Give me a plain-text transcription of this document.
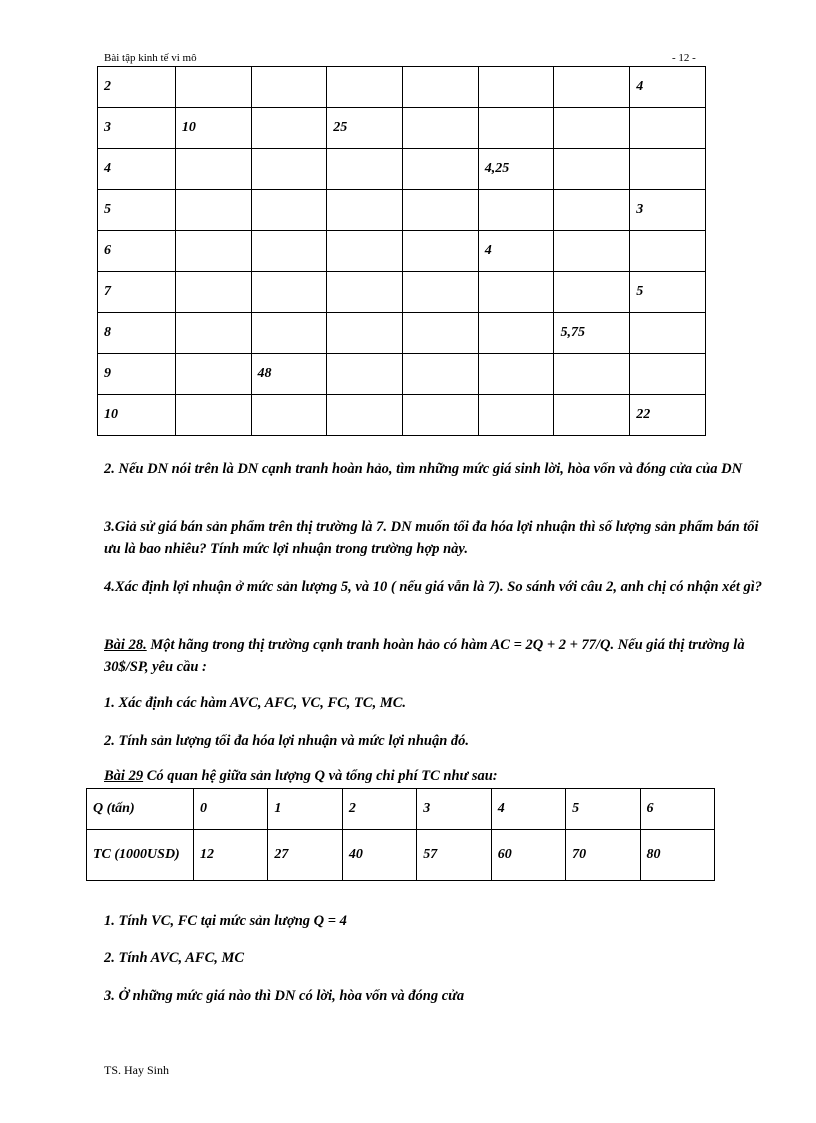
Bài tập kinh tế vi mô	- 12 -
2							4
3	10		25				
4					4,25		
5							3
6					4		
7							5
8						5,75	
9		48					
10							22

2. Nếu DN nói trên là DN cạnh tranh hoàn hảo, tìm những mức giá sinh lời, hòa vốn và đóng cửa của DN

3.Giả sử giá bán sản phẩm trên thị trường là 7. DN muốn tối đa hóa lợi nhuận thì số lượng sản phẩm bán tối ưu là bao nhiêu? Tính mức lợi nhuận trong trường hợp này.

4.Xác định lợi nhuận ở mức sản lượng 5, và 10 ( nếu giá vẫn là 7). So sánh với câu 2, anh chị có nhận xét gì?

Bài 28. Một hãng trong thị trường cạnh tranh hoàn hảo có hàm AC = 2Q + 2 + 77/Q. Nếu giá thị trường là 30$/SP, yêu cầu :

1. Xác định các hàm AVC, AFC, VC, FC, TC, MC.

2. Tính sản lượng tối đa hóa lợi nhuận và mức lợi nhuận đó.

Bài 29 Có quan hệ giữa sản lượng Q và tổng chi phí TC như sau:

Q (tấn)	0	1	2	3	4	5	6
TC (1000USD)	12	27	40	57	60	70	80

1. Tính VC, FC tại mức sản lượng Q = 4

2. Tính AVC, AFC, MC

3. Ở những mức giá nào thì DN có lời, hòa vốn và đóng cửa

TS. Hay Sinh
